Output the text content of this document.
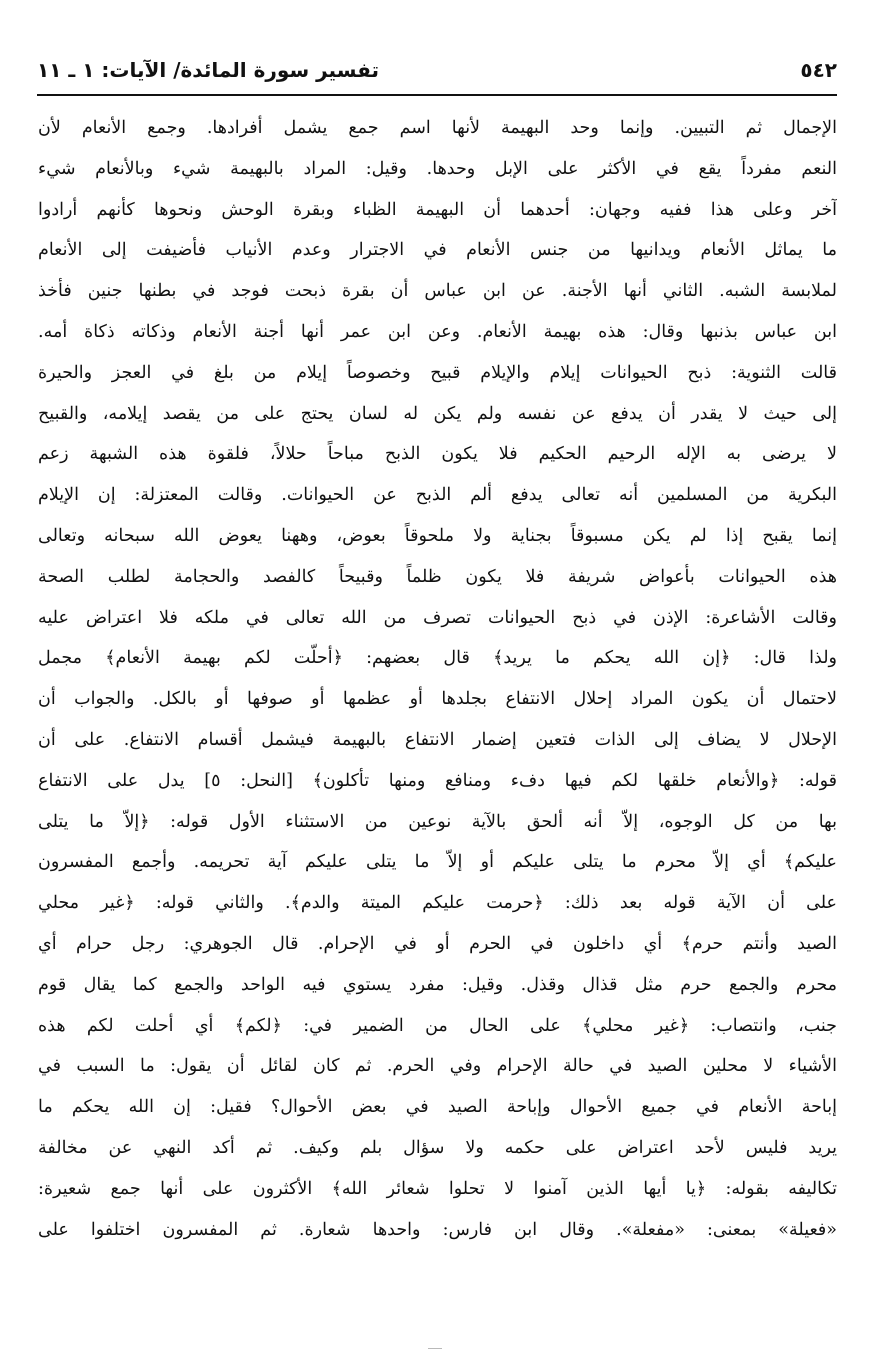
٥٤٢
تفسير سورة المائدة/ الآيات: ١ ـ ١١
الإجمال ثم التبيين. وإنما وحد البهيمة لأنها اسم جمع يشمل أفرادها. وجمع الأنعام لأن
النعم مفرداً يقع في الأكثر على الإبل وحدها. وقيل: المراد بالبهيمة شيء وبالأنعام شيء
آخر وعلى هذا ففيه وجهان: أحدهما أن البهيمة الظباء وبقرة الوحش ونحوها كأنهم أرادوا
ما يماثل الأنعام ويدانيها من جنس الأنعام في الاجترار وعدم الأنياب فأضيفت إلى الأنعام
لملابسة الشبه. الثاني أنها الأجنة. عن ابن عباس أن بقرة ذبحت فوجد في بطنها جنين فأخذ
ابن عباس بذنبها وقال: هذه بهيمة الأنعام. وعن ابن عمر أنها أجنة الأنعام وذكاته ذكاة أمه.
قالت الثنوية: ذبح الحيوانات إيلام والإيلام قبيح وخصوصاً إيلام من بلغ في العجز والحيرة
إلى حيث لا يقدر أن يدفع عن نفسه ولم يكن له لسان يحتج على من يقصد إيلامه، والقبيح
لا يرضى به الإله الرحيم الحكيم فلا يكون الذبح مباحاً حلالاً، فلقوة هذه الشبهة زعم
البكرية من المسلمين أنه تعالى يدفع ألم الذبح عن الحيوانات. وقالت المعتزلة: إن الإيلام
إنما يقبح إذا لم يكن مسبوقاً بجناية ولا ملحوقاً بعوض، وههنا يعوض الله سبحانه وتعالى
هذه الحيوانات بأعواض شريفة فلا يكون ظلماً وقبيحاً كالفصد والحجامة لطلب الصحة
وقالت الأشاعرة: الإذن في ذبح الحيوانات تصرف من الله تعالى في ملكه فلا اعتراض عليه
ولذا قال: ﴿إن الله يحكم ما يريد﴾ قال بعضهم: ﴿أحلّت لكم بهيمة الأنعام﴾ مجمل
لاحتمال أن يكون المراد إحلال الانتفاع بجلدها أو عظمها أو صوفها أو بالكل. والجواب أن
الإحلال لا يضاف إلى الذات فتعين إضمار الانتفاع بالبهيمة فيشمل أقسام الانتفاع. على أن
قوله: ﴿والأنعام خلقها لكم فيها دفء ومنافع ومنها تأكلون﴾ [النحل: ٥] يدل على الانتفاع
بها من كل الوجوه، إلاّ أنه ألحق بالآية نوعين من الاستثناء الأول قوله: ﴿إلاّ ما يتلى
عليكم﴾ أي إلاّ محرم ما يتلى عليكم أو إلاّ ما يتلى عليكم آية تحريمه. وأجمع المفسرون
على أن الآية قوله بعد ذلك: ﴿حرمت عليكم الميتة والدم﴾. والثاني قوله: ﴿غير محلي
الصيد وأنتم حرم﴾ أي داخلون في الحرم أو في الإحرام. قال الجوهري: رجل حرام أي
محرم والجمع حرم مثل قذال وقذل. وقيل: مفرد يستوي فيه الواحد والجمع كما يقال قوم
جنب، وانتصاب: ﴿غير محلي﴾ على الحال من الضمير في: ﴿لكم﴾ أي أحلت لكم هذه
الأشياء لا محلين الصيد في حالة الإحرام وفي الحرم. ثم كان لقائل أن يقول: ما السبب في
إباحة الأنعام في جميع الأحوال وإباحة الصيد في بعض الأحوال؟ فقيل: إن الله يحكم ما
يريد فليس لأحد اعتراض على حكمه ولا سؤال بلم وكيف. ثم أكد النهي عن مخالفة
تكاليفه بقوله: ﴿يا أيها الذين آمنوا لا تحلوا شعائر الله﴾ الأكثرون على أنها جمع شعيرة:
«فعيلة» بمعنى: «مفعلة». وقال ابن فارس: واحدها شعارة. ثم المفسرون اختلفوا على
